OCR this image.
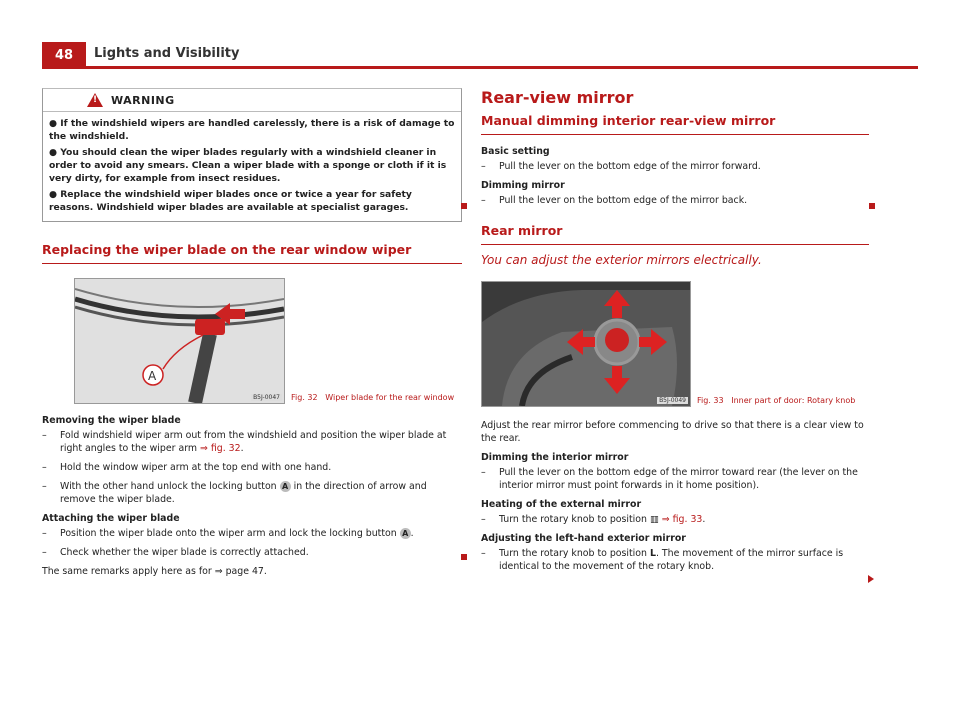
48	Lights and Visibility
! WARNING

● If the windshield wipers are handled carelessly, there is a risk of damage to the windshield.

● You should clean the wiper blades regularly with a windshield cleaner in order to avoid any smears. Clean a wiper blade with a sponge or cloth if it is very dirty, for example from insect residues.

● Replace the windshield wiper blades once or twice a year for safety reasons. Windshield wiper blades are available at specialist garages.

Replacing the wiper blade on the rear window wiper
A
B5J-0047 Fig. 32 Wiper blade for the rear window
Removing the wiper blade
–	Fold windshield wiper arm out from the windshield and position the wiper blade at right angles to the wiper arm ⇒ fig. 32.
–	Hold the window wiper arm at the top end with one hand.
–	With the other hand unlock the locking button A in the direction of arrow and remove the wiper blade.
Attaching the wiper blade
–	Position the wiper blade onto the wiper arm and lock the locking button A .
–	Check whether the wiper blade is correctly attached.
The same remarks apply here as for ⇒ page 47.
Rear-view mirror
Manual dimming interior rear-view mirror
Basic setting
–	Pull the lever on the bottom edge of the mirror forward.
Dimming mirror
–	Pull the lever on the bottom edge of the mirror back.
Rear mirror
You can adjust the exterior mirrors electrically.
B5J-0049 Fig. 33 Inner part of door: Rotary knob
Adjust the rear mirror before commencing to drive so that there is a clear view to the rear.
Dimming the interior mirror
–	Pull the lever on the bottom edge of the mirror toward rear (the lever on the interior mirror must point forwards in it home position).
Heating of the external mirror
–	Turn the rotary knob to position ▥ ⇒ fig. 33.
Adjusting the left-hand exterior mirror
–	Turn the rotary knob to position L. The movement of the mirror surface is identical to the movement of the rotary knob.
